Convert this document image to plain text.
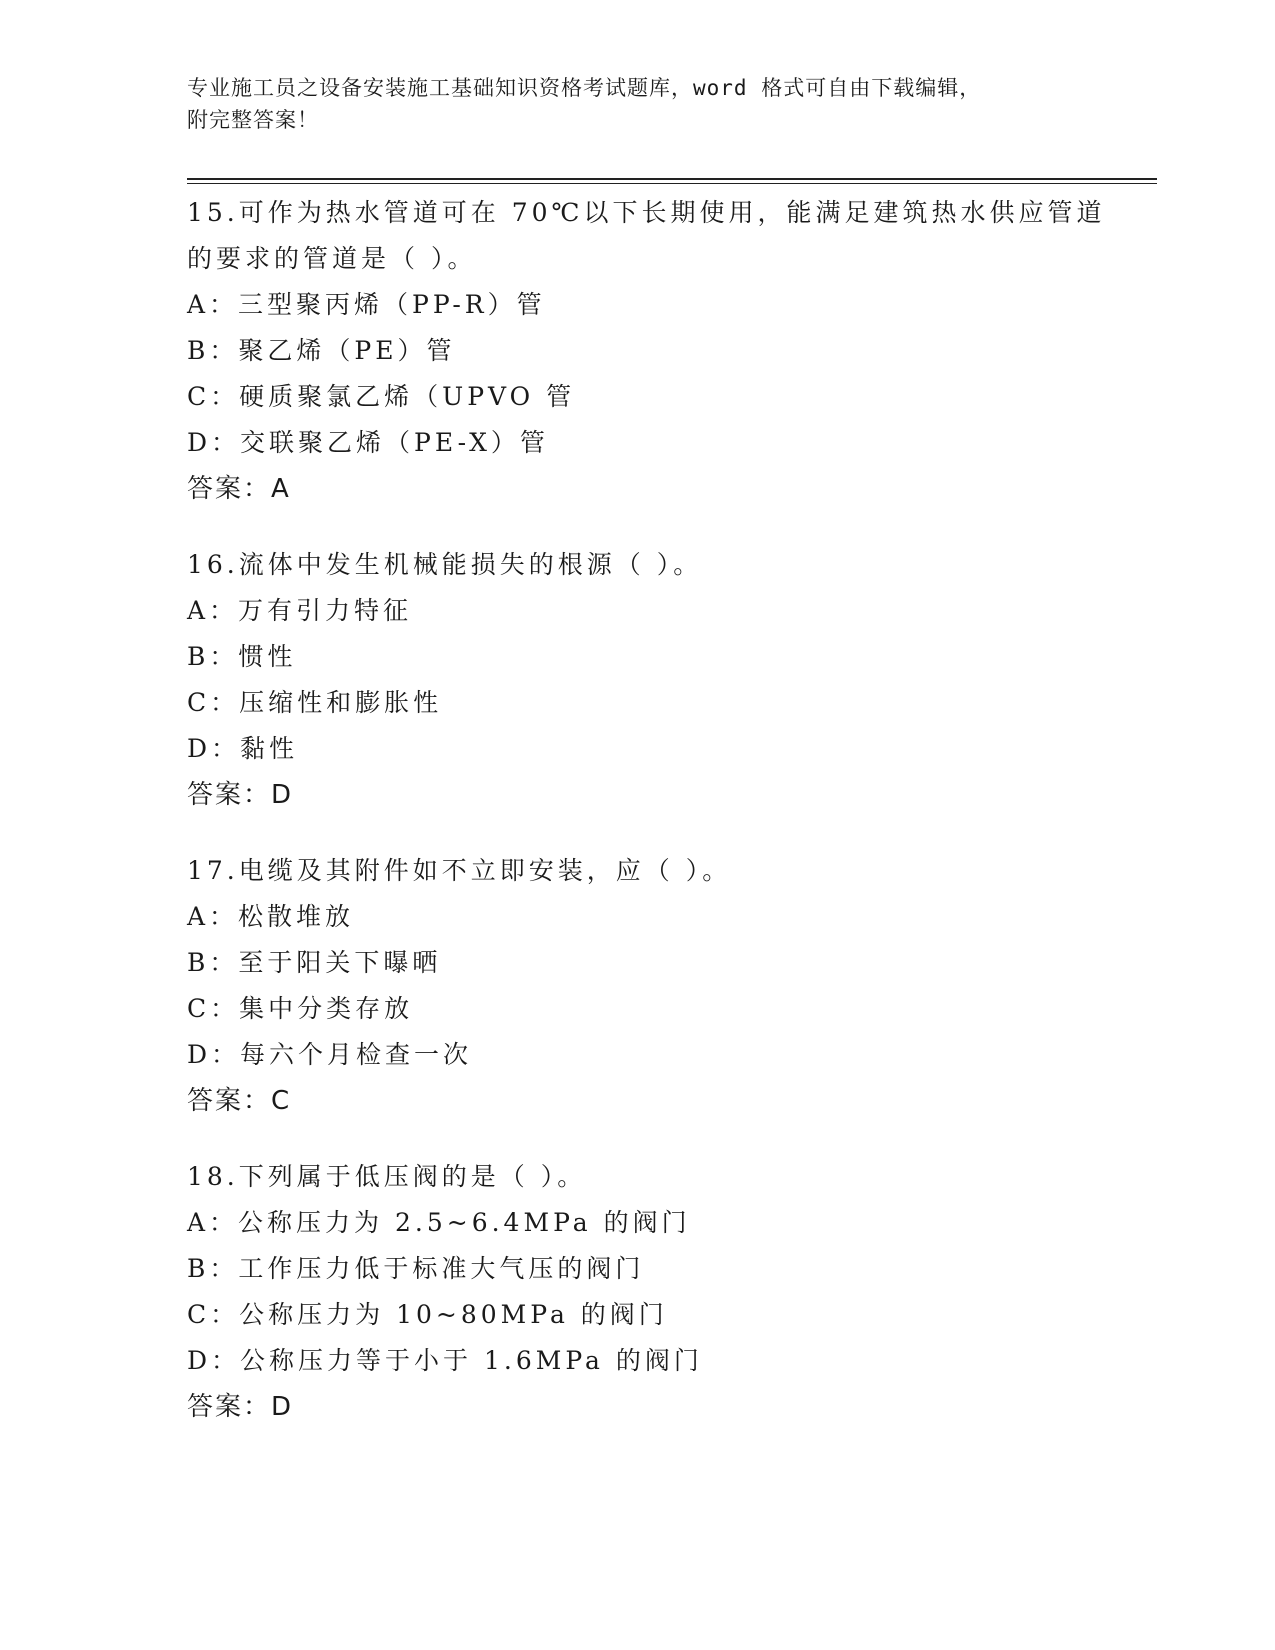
专业施工员之设备安装施工基础知识资格考试题库，word 格式可自由下载编辑，
附完整答案！
15.可作为热水管道可在 70℃以下长期使用，能满足建筑热水供应管道
的要求的管道是（ ）。
A：三型聚丙烯（PP-R）管
B：聚乙烯（PE）管
C：硬质聚氯乙烯（UPVO 管
D：交联聚乙烯（PE-X）管
答案：A
16.流体中发生机械能损失的根源（ ）。
A：万有引力特征
B：惯性
C：压缩性和膨胀性
D：黏性
答案：D
17.电缆及其附件如不立即安装，应（ ）。
A：松散堆放
B：至于阳关下曝晒
C：集中分类存放
D：每六个月检查一次
答案：C
18.下列属于低压阀的是（ ）。
A：公称压力为 2.5~6.4MPa 的阀门
B：工作压力低于标准大气压的阀门
C：公称压力为 10~80MPa 的阀门
D：公称压力等于小于 1.6MPa 的阀门
答案：D
